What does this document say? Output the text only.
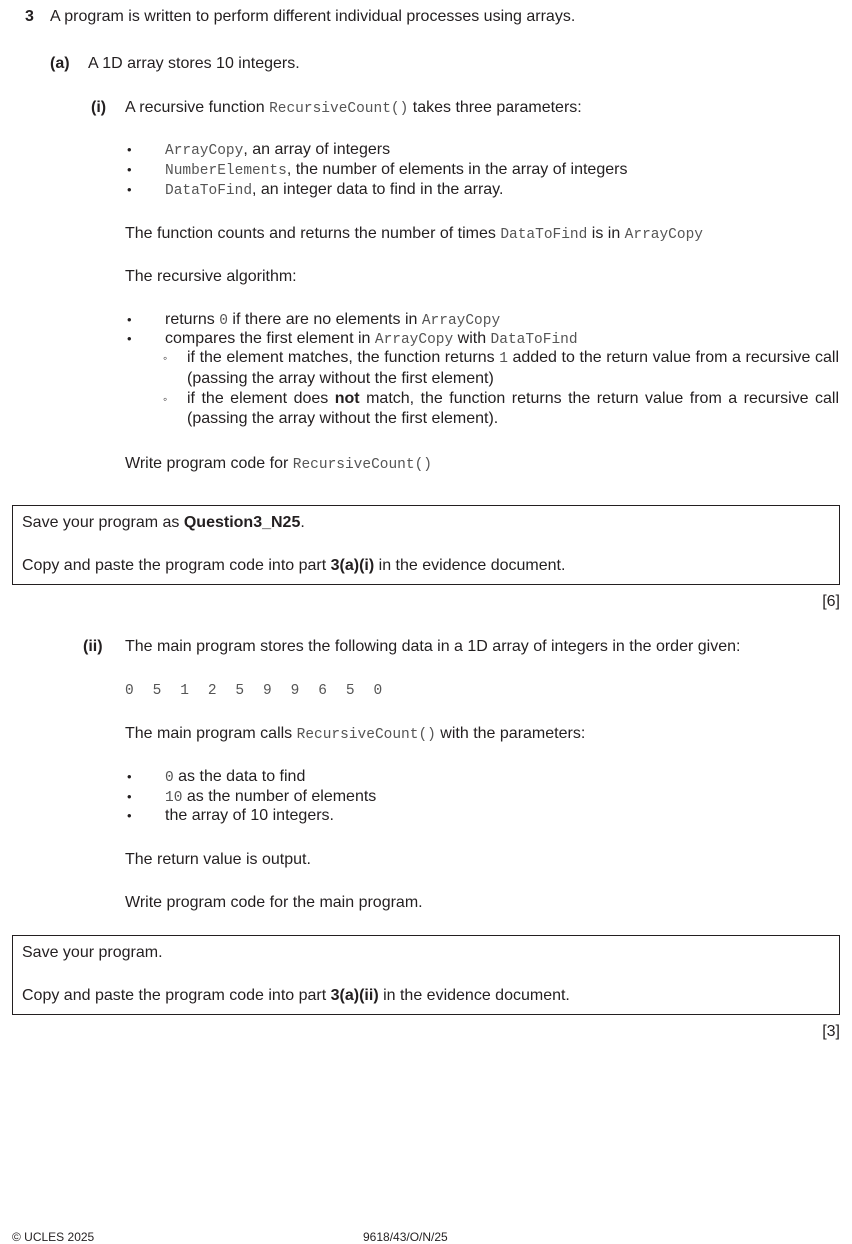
3 A program is written to perform different individual processes using arrays.
(a) A 1D array stores 10 integers.
(i) A recursive function RecursiveCount() takes three parameters:
• ArrayCopy, an array of integers
• NumberElements, the number of elements in the array of integers
• DataToFind, an integer data to find in the array.
The function counts and returns the number of times DataToFind is in ArrayCopy
The recursive algorithm:
• returns 0 if there are no elements in ArrayCopy
• compares the first element in ArrayCopy with DataToFind
◦ if the element matches, the function returns 1 added to the return value from a recursive call (passing the array without the first element)
◦ if the element does not match, the function returns the return value from a recursive call (passing the array without the first element).
Write program code for RecursiveCount()
Save your program as Question3_N25.
Copy and paste the program code into part 3(a)(i) in the evidence document.
[6]
(ii) The main program stores the following data in a 1D array of integers in the order given:
0  5  1  2  5  9  9  6  5  0
The main program calls RecursiveCount() with the parameters:
• 0 as the data to find
• 10 as the number of elements
• the array of 10 integers.
The return value is output.
Write program code for the main program.
Save your program.
Copy and paste the program code into part 3(a)(ii) in the evidence document.
[3]
© UCLES 2025	9618/43/O/N/25
